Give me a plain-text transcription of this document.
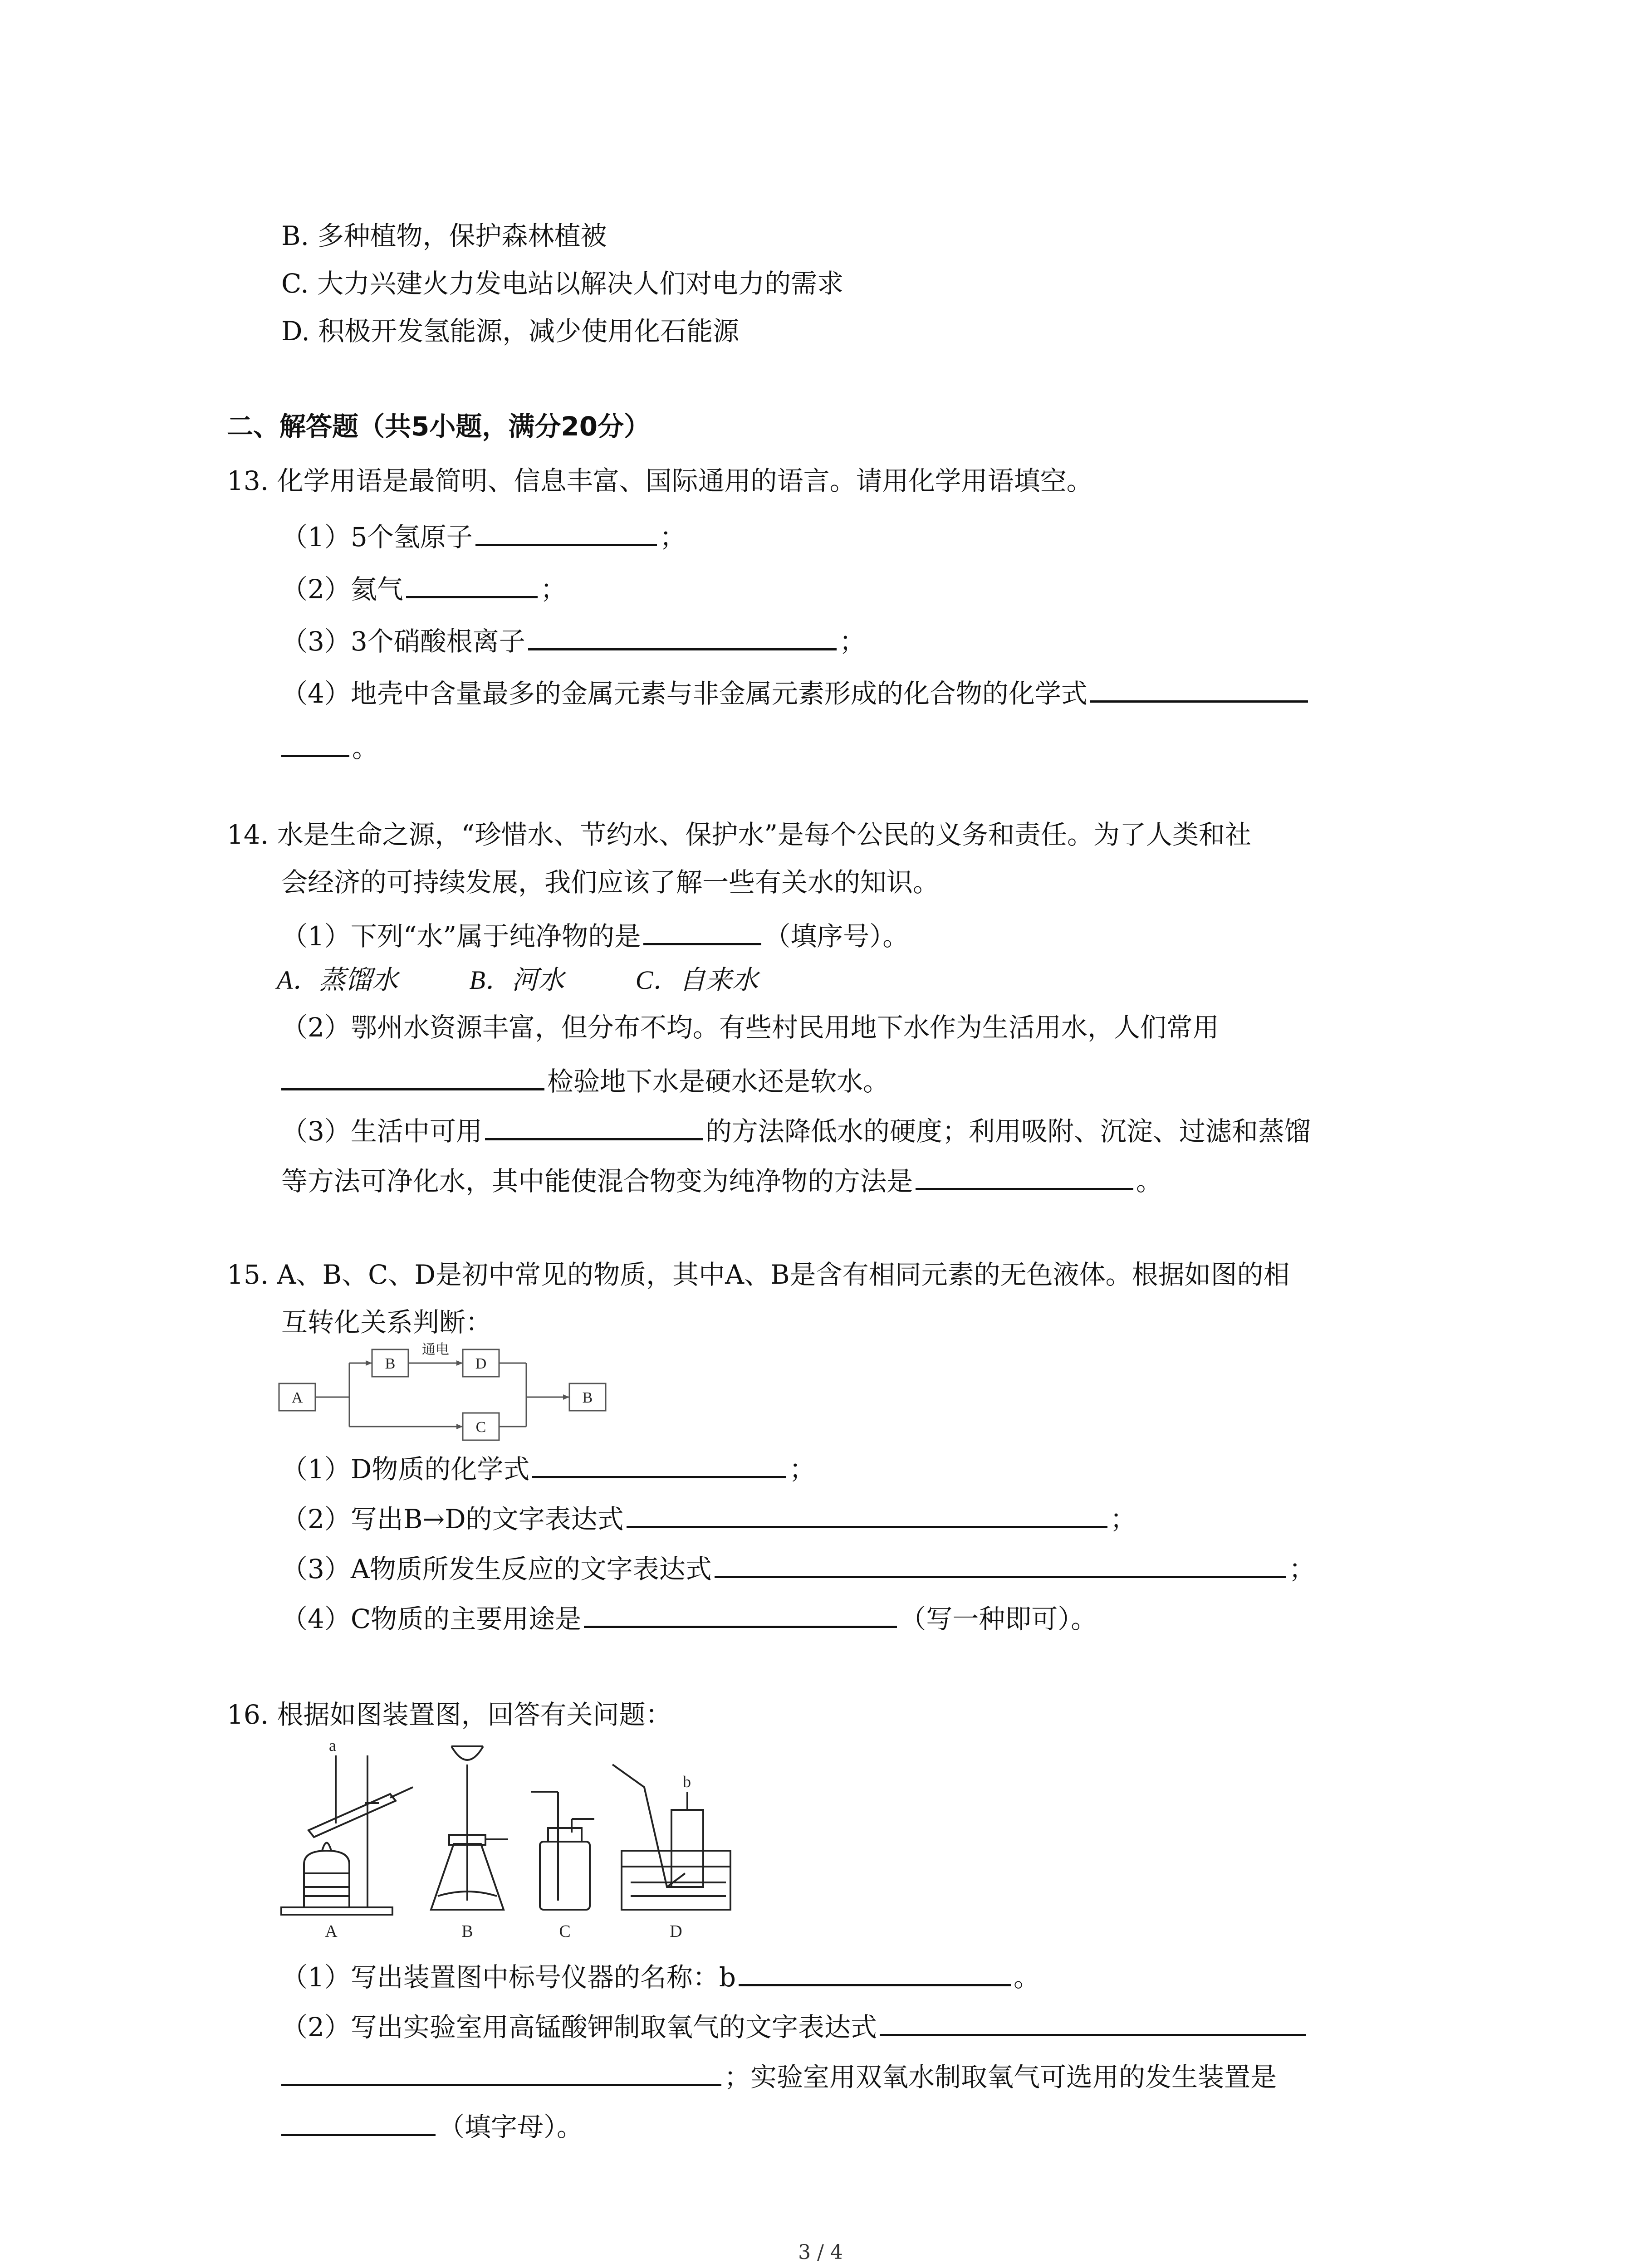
B. 多种植物，保护森林植被
C. 大力兴建火力发电站以解决人们对电力的需求
D. 积极开发氢能源，减少使用化石能源
二、解答题（共5小题，满分20分）
13. 化学用语是最简明、信息丰富、国际通用的语言。请用化学用语填空。
（1）5个氢原子	；
（2）氦气	；
（3）3个硝酸根离子	；
（4）地壳中含量最多的金属元素与非金属元素形成的化合物的化学式
。
14. 水是生命之源，“珍惜水、节约水、保护水”是每个公民的义务和责任。为了人类和社
会经济的可持续发展，我们应该了解一些有关水的知识。
（1）下列“水”属于纯净物的是	（填序号）。
A．蒸馏水	B．河水	C．自来水
（2）鄂州水资源丰富，但分布不均。有些村民用地下水作为生活用水，人们常用
检验地下水是硬水还是软水。
（3）生活中可用	的方法降低水的硬度；利用吸附、沉淀、过滤和蒸馏
等方法可净化水，其中能使混合物变为纯净物的方法是	。
15. A、B、C、D是初中常见的物质，其中A、B是含有相同元素的无色液体。根据如图的相
互转化关系判断：
A
B	D
C
B
通电
（1）D物质的化学式	；
（2）写出B→D的文字表达式	；
（3）A物质所发生反应的文字表达式	；
（4）C物质的主要用途是	（写一种即可）。
16. 根据如图装置图，回答有关问题：
a
b
A	B	C	D
（1）写出装置图中标号仪器的名称：b	。
（2）写出实验室用高锰酸钾制取氧气的文字表达式
；实验室用双氧水制取氧气可选用的发生装置是
（填字母）。
3 / 4
